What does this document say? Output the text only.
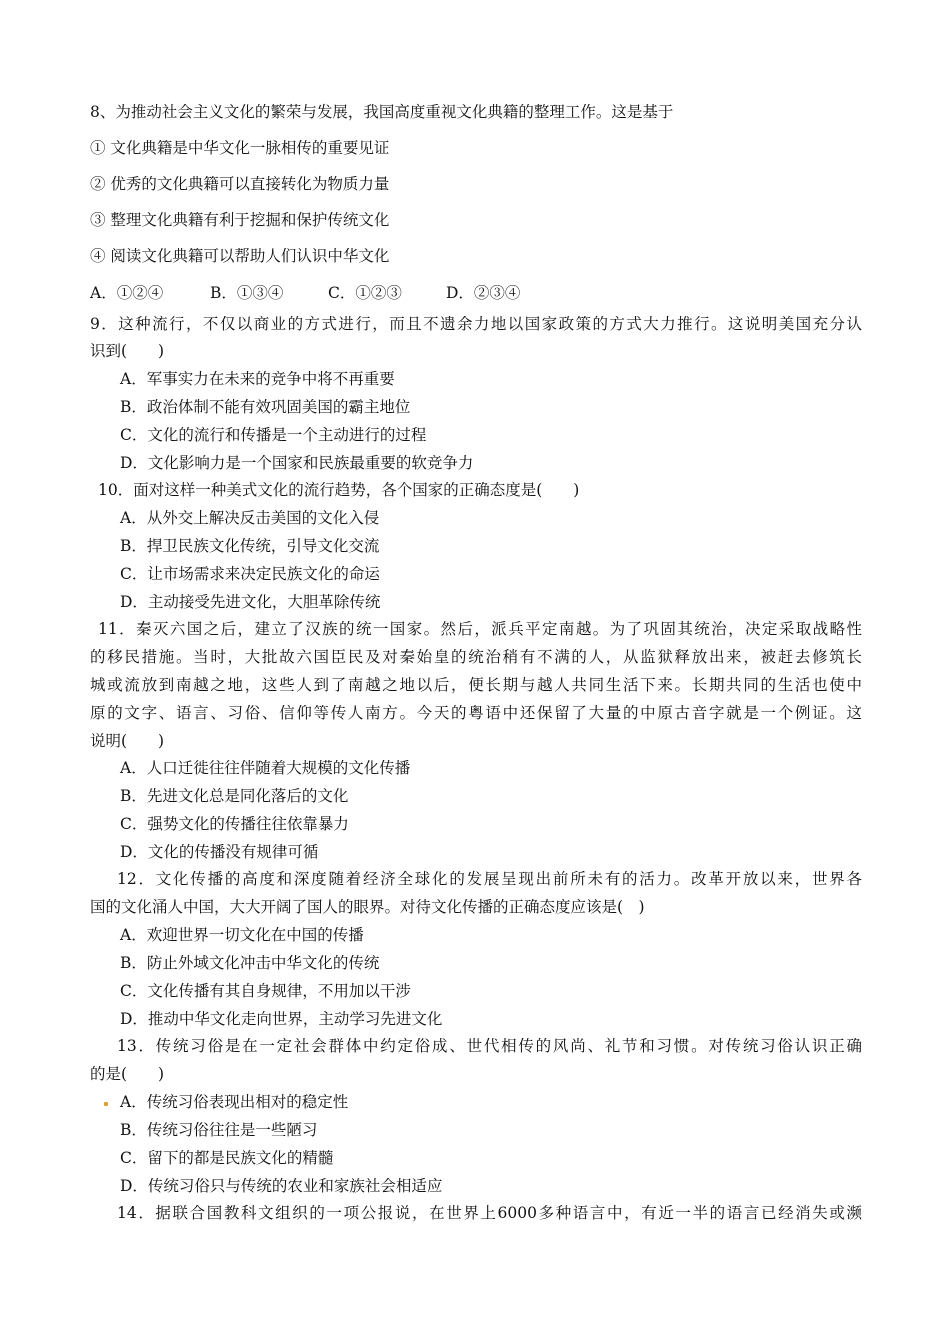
8、为推动社会主义文化的繁荣与发展，我国高度重视文化典籍的整理工作。这是基于
① 文化典籍是中华文化一脉相传的重要见证
② 优秀的文化典籍可以直接转化为物质力量
③ 整理文化典籍有利于挖掘和保护传统文化
④ 阅读文化典籍可以帮助人们认识中华文化
A．①②④	B．①③④	C．①②③	D．②③④
9．这种流行，不仅以商业的方式进行，而且不遗余力地以国家政策的方式大力推行。这说明美国充分认
识到(　　)
A．军事实力在未来的竞争中将不再重要
B．政治体制不能有效巩固美国的霸主地位
C．文化的流行和传播是一个主动进行的过程
D．文化影响力是一个国家和民族最重要的软竞争力
10．面对这样一种美式文化的流行趋势，各个国家的正确态度是(　　)
A．从外交上解决反击美国的文化入侵
B．捍卫民族文化传统，引导文化交流
C．让市场需求来决定民族文化的命运
D．主动接受先进文化，大胆革除传统
11．秦灭六国之后，建立了汉族的统一国家。然后，派兵平定南越。为了巩固其统治，决定采取战略性
的移民措施。当时，大批故六国臣民及对秦始皇的统治稍有不满的人，从监狱释放出来，被赶去修筑长
城或流放到南越之地，这些人到了南越之地以后，便长期与越人共同生活下来。长期共同的生活也使中
原的文字、语言、习俗、信仰等传人南方。今天的粤语中还保留了大量的中原古音字就是一个例证。这
说明(　　)
A．人口迁徙往往伴随着大规模的文化传播
B．先进文化总是同化落后的文化
C．强势文化的传播往往依靠暴力
D．文化的传播没有规律可循
12．文化传播的高度和深度随着经济全球化的发展呈现出前所未有的活力。改革开放以来，世界各
国的文化涌人中国，大大开阔了国人的眼界。对待文化传播的正确态度应该是(　)
A．欢迎世界一切文化在中国的传播
B．防止外域文化冲击中华文化的传统
C．文化传播有其自身规律，不用加以干涉
D．推动中华文化走向世界，主动学习先进文化
13．传统习俗是在一定社会群体中约定俗成、世代相传的风尚、礼节和习惯。对传统习俗认识正确
的是(　　)
A．传统习俗表现出相对的稳定性
B．传统习俗往往是一些陋习
C．留下的都是民族文化的精髓
D．传统习俗只与传统的农业和家族社会相适应
14．据联合国教科文组织的一项公报说，在世界上6000多种语言中，有近一半的语言已经消失或濒
